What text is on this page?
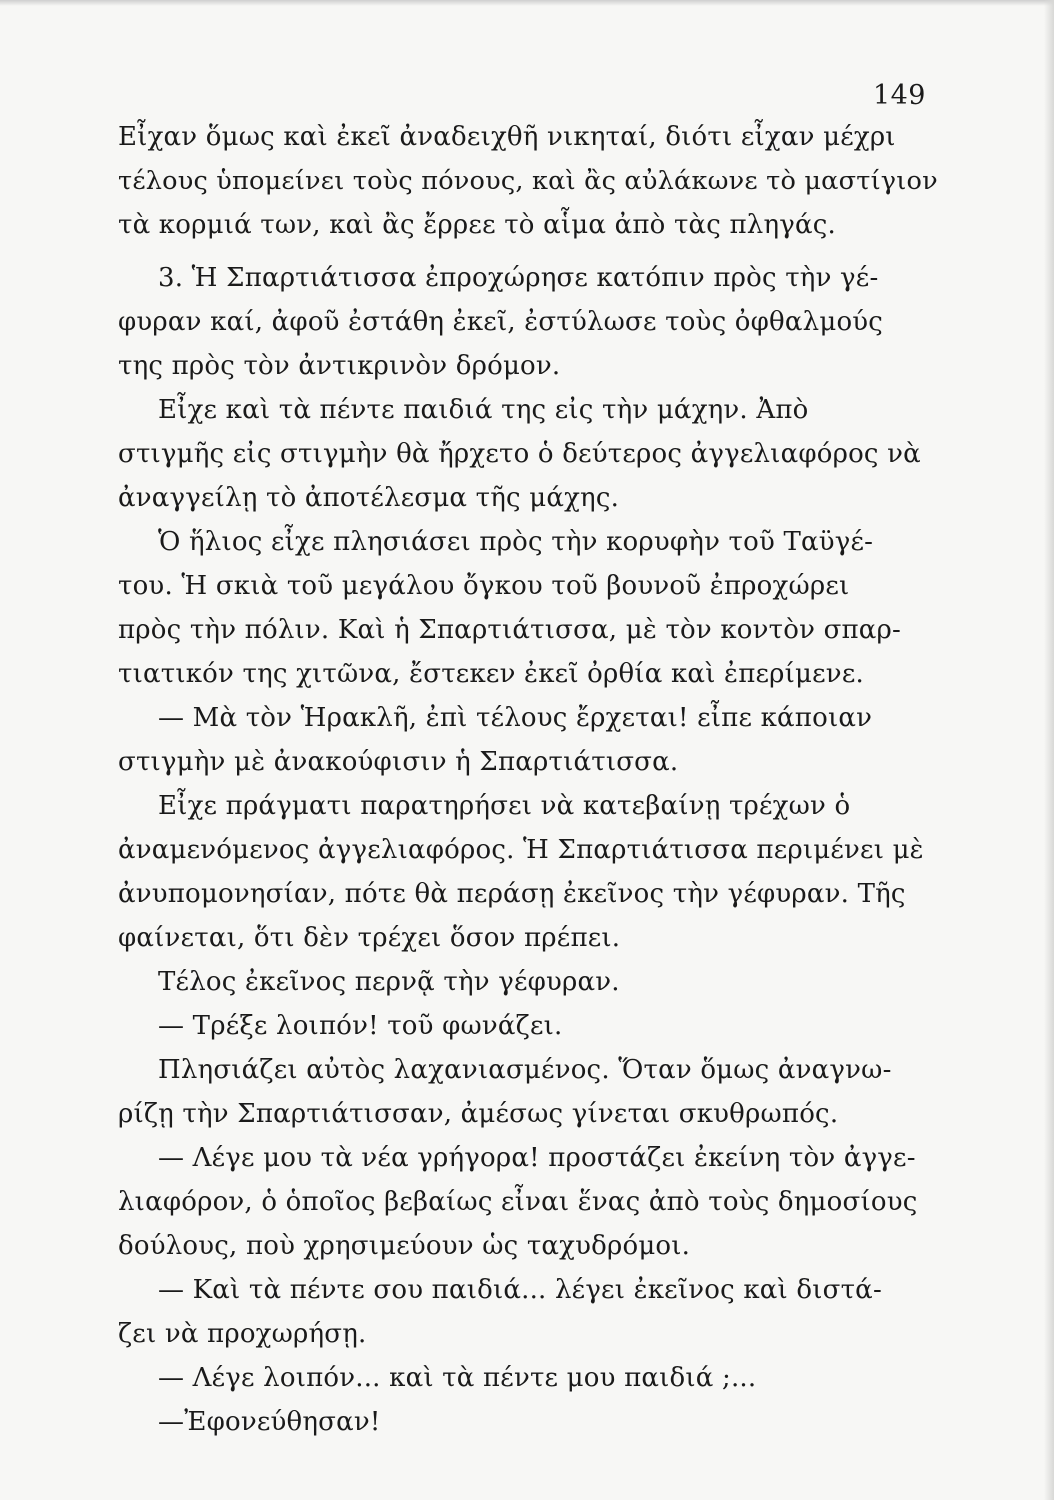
149
Εἶχαν ὅμως καὶ ἐκεῖ ἀναδειχθῆ νικηταί, διότι εἶχαν μέχρι
τέλους ὑπομείνει τοὺς πόνους, καὶ ἂς αὐλάκωνε τὸ μαστίγιον
τὰ κορμιά των, καὶ ἂς ἔρρεε τὸ αἷμα ἀπὸ τὰς πληγάς.
3. Ἡ Σπαρτιάτισσα ἐπροχώρησε κατόπιν πρὸς τὴν γέ-
φυραν καί, ἀφοῦ ἐστάθη ἐκεῖ, ἐστύλωσε τοὺς ὀφθαλμούς
της πρὸς τὸν ἀντικρινὸν δρόμον.
Εἶχε καὶ τὰ πέντε παιδιά της εἰς τὴν μάχην. Ἀπὸ
στιγμῆς εἰς στιγμὴν θὰ ἤρχετο ὁ δεύτερος ἀγγελιαφόρος νὰ
ἀναγγείλῃ τὸ ἀποτέλεσμα τῆς μάχης.
Ὁ ἥλιος εἶχε πλησιάσει πρὸς τὴν κορυφὴν τοῦ Ταϋγέ-
του. Ἡ σκιὰ τοῦ μεγάλου ὄγκου τοῦ βουνοῦ ἐπροχώρει
πρὸς τὴν πόλιν. Καὶ ἡ Σπαρτιάτισσα, μὲ τὸν κοντὸν σπαρ-
τιατικόν της χιτῶνα, ἔστεκεν ἐκεῖ ὀρθία καὶ ἐπερίμενε.
— Μὰ τὸν Ἡρακλῆ, ἐπὶ τέλους ἔρχεται! εἶπε κάποιαν
στιγμὴν μὲ ἀνακούφισιν ἡ Σπαρτιάτισσα.
Εἶχε πράγματι παρατηρήσει νὰ κατεβαίνῃ τρέχων ὁ
ἀναμενόμενος ἀγγελιαφόρος. Ἡ Σπαρτιάτισσα περιμένει μὲ
ἀνυπομονησίαν, πότε θὰ περάσῃ ἐκεῖνος τὴν γέφυραν. Τῆς
φαίνεται, ὅτι δὲν τρέχει ὅσον πρέπει.
Τέλος ἐκεῖνος περνᾷ τὴν γέφυραν.
— Τρέξε λοιπόν! τοῦ φωνάζει.
Πλησιάζει αὐτὸς λαχανιασμένος. Ὅταν ὅμως ἀναγνω-
ρίζῃ τὴν Σπαρτιάτισσαν, ἀμέσως γίνεται σκυθρωπός.
— Λέγε μου τὰ νέα γρήγορα! προστάζει ἐκείνη τὸν ἀγγε-
λιαφόρον, ὁ ὁποῖος βεβαίως εἶναι ἕνας ἀπὸ τοὺς δημοσίους
δούλους, ποὺ χρησιμεύουν ὡς ταχυδρόμοι.
— Καὶ τὰ πέντε σου παιδιά... λέγει ἐκεῖνος καὶ διστά-
ζει νὰ προχωρήσῃ.
— Λέγε λοιπόν... καὶ τὰ πέντε μου παιδιά ;...
—Ἐφονεύθησαν!
